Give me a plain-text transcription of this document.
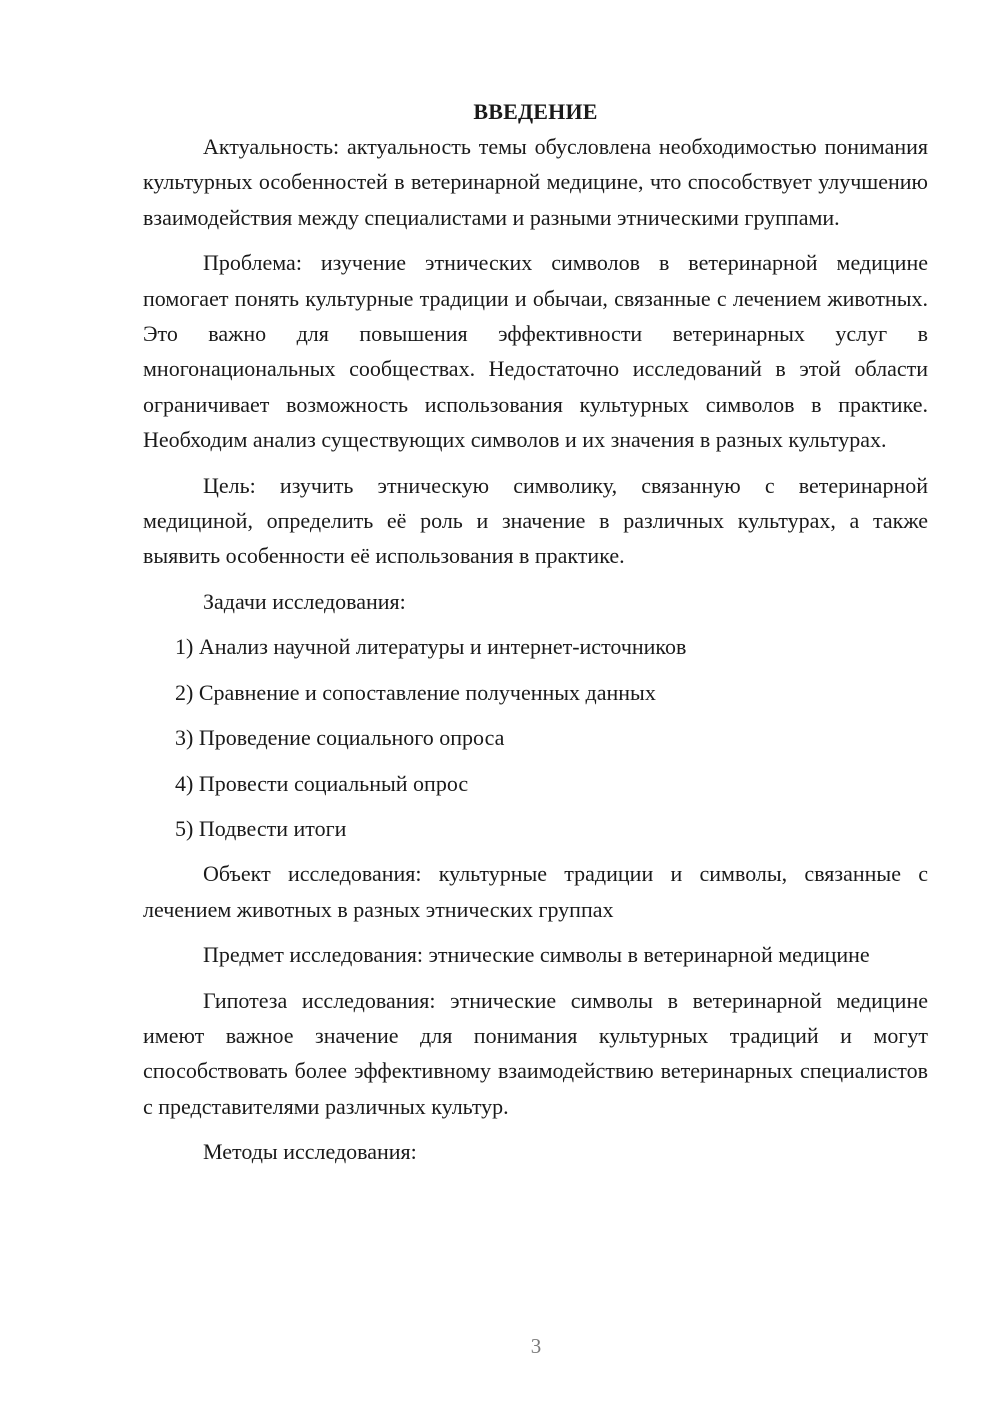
ВВЕДЕНИЕ

Актуальность: актуальность темы обусловлена необходимостью понимания культурных особенностей в ветеринарной медицине, что способствует улучшению взаимодействия между специалистами и разными этническими группами.

Проблема: изучение этнических символов в ветеринарной медицине помогает понять культурные традиции и обычаи, связанные с лечением животных. Это важно для повышения эффективности ветеринарных услуг в многонациональных сообществах. Недостаточно исследований в этой области ограничивает возможность использования культурных символов в практике. Необходим анализ существующих символов и их значения в разных культурах.

Цель: изучить этническую символику, связанную с ветеринарной медициной, определить её роль и значение в различных культурах, а также выявить особенности её использования в практике.

Задачи исследования:

1) Анализ научной литературы и интернет-источников
2) Сравнение и сопоставление полученных данных
3) Проведение социального опроса
4) Провести социальный опрос
5) Подвести итоги

Объект исследования: культурные традиции и символы, связанные с лечением животных в разных этнических группах

Предмет исследования: этнические символы в ветеринарной медицине

Гипотеза исследования: этнические символы в ветеринарной медицине имеют важное значение для понимания культурных традиций и могут способствовать более эффективному взаимодействию ветеринарных специалистов с представителями различных культур.

Методы исследования:

3
